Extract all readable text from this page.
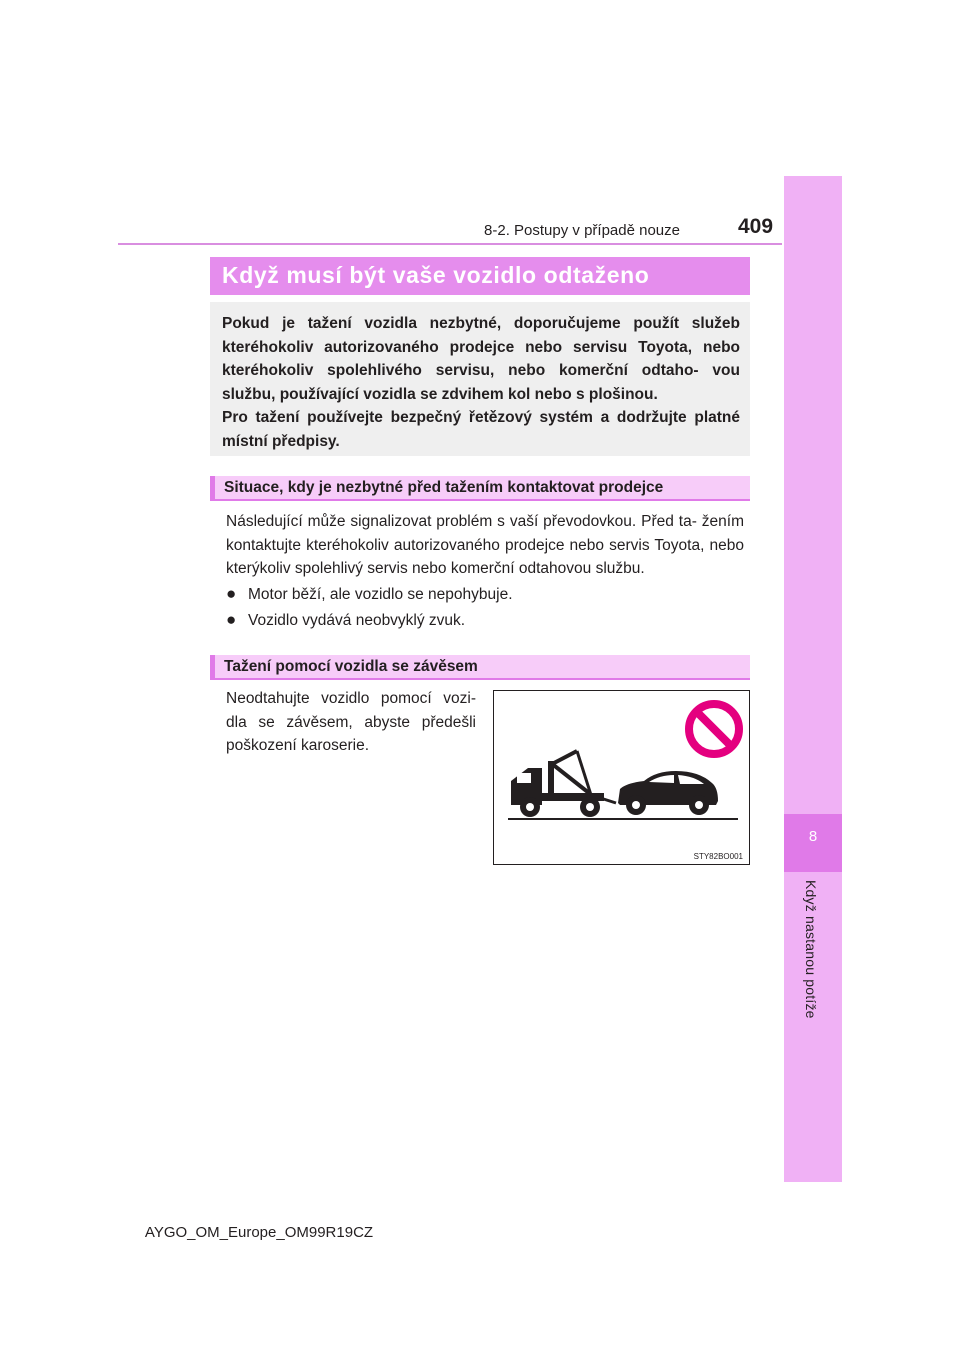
8-2. Postupy v případě nouze	409
8
Když nastanou potíže
Když musí být vaše vozidlo odtaženo

Pokud je tažení vozidla nezbytné, doporučujeme použít služeb kteréhokoliv autorizovaného prodejce nebo servisu Toyota, nebo kteréhokoliv spolehlivého servisu, nebo komerční odtaho- vou službu, používající vozidla se zdvihem kol nebo s plošinou.

Pro tažení používejte bezpečný řetězový systém a dodržujte platné místní předpisy.

Situace, kdy je nezbytné před tažením kontaktovat prodejce

Následující může signalizovat problém s vaší převodovkou. Před ta- žením kontaktujte kteréhokoliv autorizovaného prodejce nebo servis Toyota, nebo kterýkoliv spolehlivý servis nebo komerční odtahovou službu.

● Motor běží, ale vozidlo se nepohybuje.
● Vozidlo vydává neobvyklý zvuk.
Tažení pomocí vozidla se závěsem

Neodtahujte vozidlo pomocí vozi- dla se závěsem, abyste předešli poškození karoserie.

STY82BO001
AYGO_OM_Europe_OM99R19CZ
